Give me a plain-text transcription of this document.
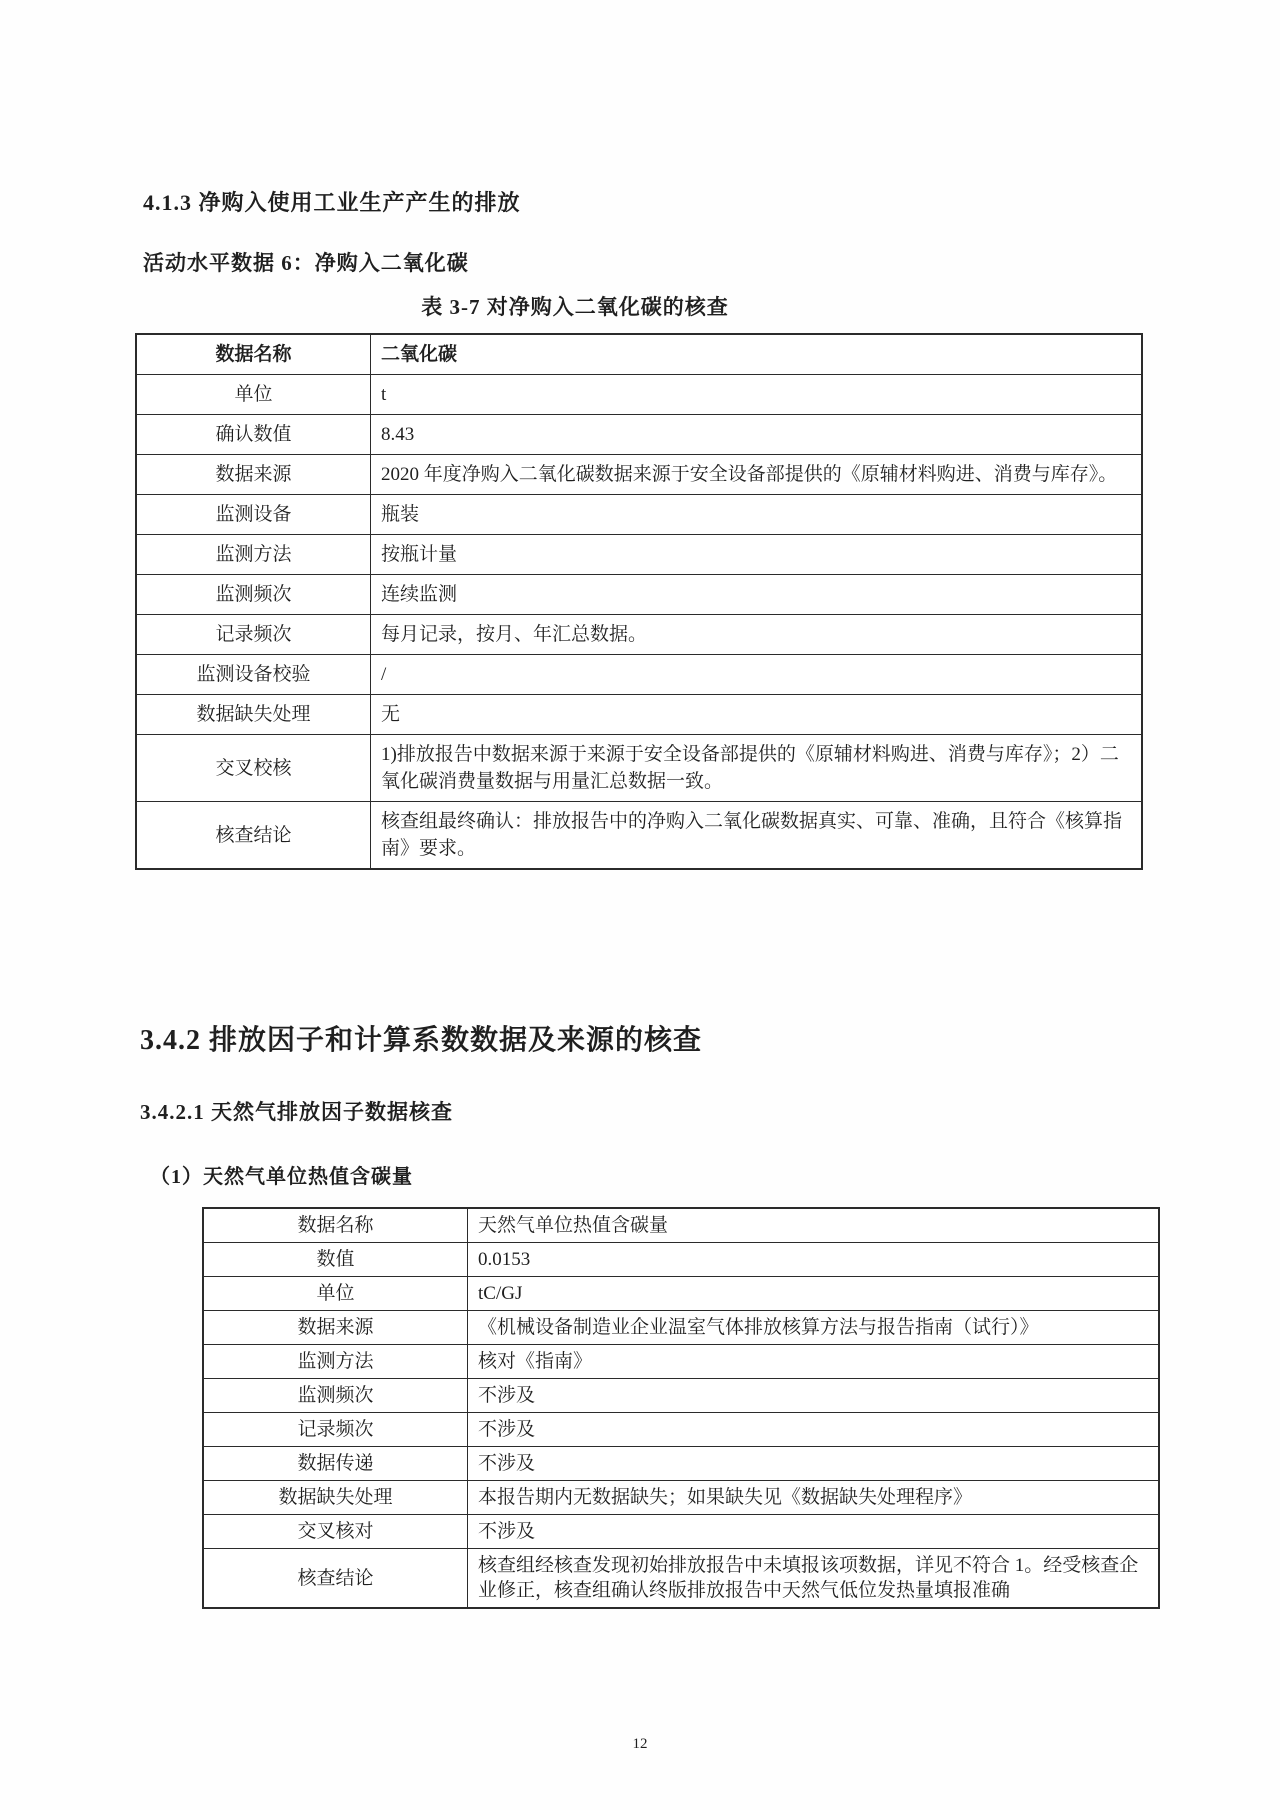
4.1.3 净购入使用工业生产产生的排放
活动水平数据 6：净购入二氧化碳
表 3-7 对净购入二氧化碳的核查
数据名称	二氧化碳
单位	t
确认数值	8.43
数据来源	2020 年度净购入二氧化碳数据来源于安全设备部提供的《原辅材料购进、消费与库存》。
监测设备	瓶装
监测方法	按瓶计量
监测频次	连续监测
记录频次	每月记录，按月、年汇总数据。
监测设备校验	/
数据缺失处理	无
交叉校核	1)排放报告中数据来源于来源于安全设备部提供的《原辅材料购进、消费与库存》；2）二氧化碳消费量数据与用量汇总数据一致。
核查结论	核查组最终确认：排放报告中的净购入二氧化碳数据真实、可靠、准确，且符合《核算指南》要求。
3.4.2 排放因子和计算系数数据及来源的核查
3.4.2.1 天然气排放因子数据核查
（1）天然气单位热值含碳量
数据名称	天然气单位热值含碳量
数值	0.0153
单位	tC/GJ
数据来源	《机械设备制造业企业温室气体排放核算方法与报告指南（试行）》
监测方法	核对《指南》
监测频次	不涉及
记录频次	不涉及
数据传递	不涉及
数据缺失处理	本报告期内无数据缺失；如果缺失见《数据缺失处理程序》
交叉核对	不涉及
核查结论	核查组经核查发现初始排放报告中未填报该项数据，详见不符合 1。经受核查企业修正，核查组确认终版排放报告中天然气低位发热量填报准确
12
